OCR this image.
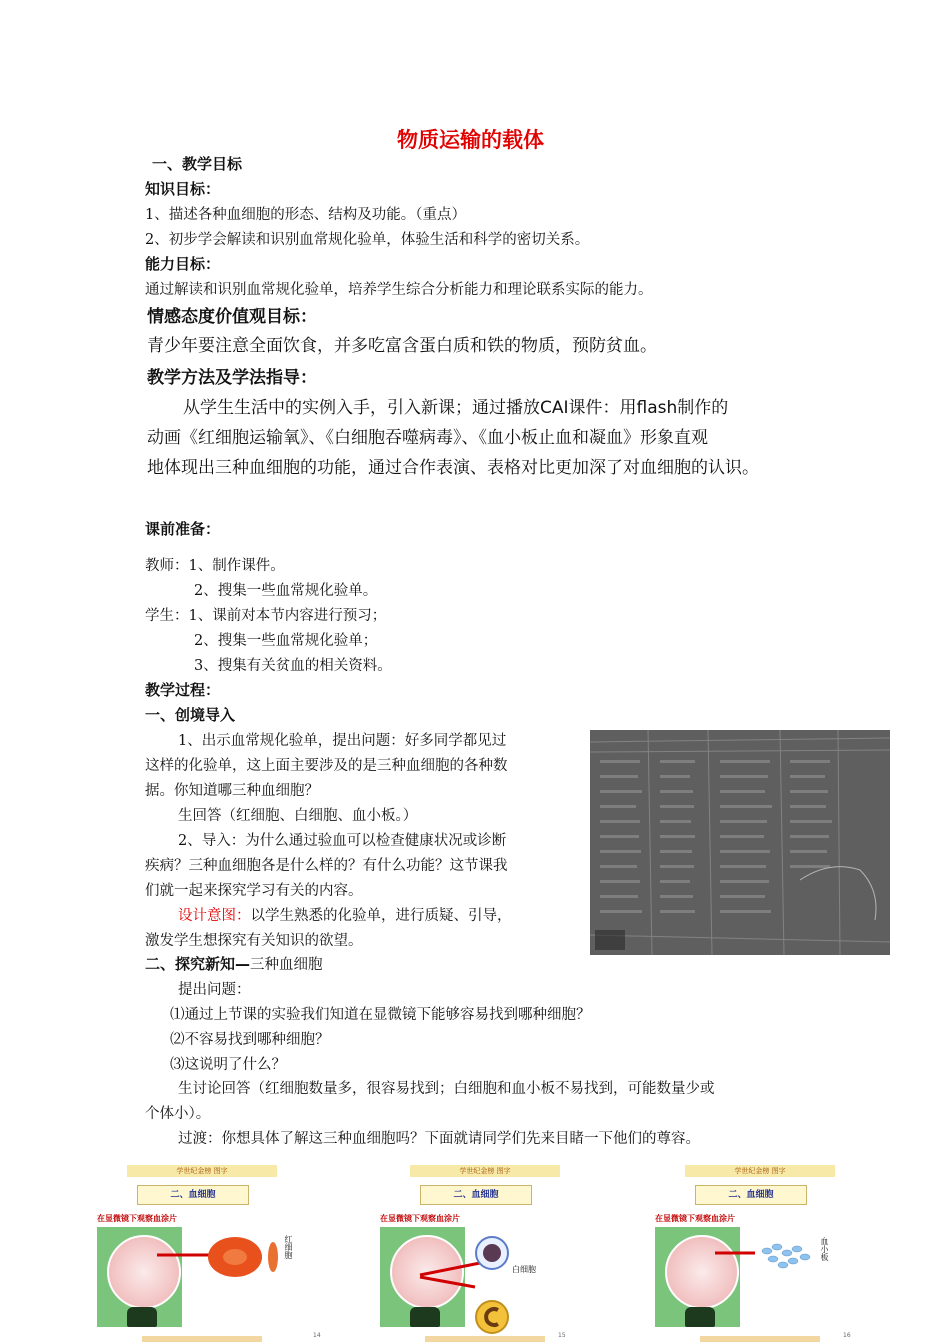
物质运输的载体
一、教学目标
知识目标：
1、描述各种血细胞的形态、结构及功能。（重点）
2、初步学会解读和识别血常规化验单，体验生活和科学的密切关系。
能力目标：
通过解读和识别血常规化验单，培养学生综合分析能力和理论联系实际的能力。
情感态度价值观目标：
青少年要注意全面饮食，并多吃富含蛋白质和铁的物质，预防贫血。
教学方法及学法指导：
从学生生活中的实例入手，引入新课；通过播放CAI课件：用flash制作的
动画《红细胞运输氧》、《白细胞吞噬病毒》、《血小板止血和凝血》形象直观
地体现出三种血细胞的功能，通过合作表演、表格对比更加深了对血细胞的认识。
课前准备：
教师：1、制作课件。
2、搜集一些血常规化验单。
学生：1、课前对本节内容进行预习；
2、搜集一些血常规化验单；
3、搜集有关贫血的相关资料。
教学过程：
一、创境导入
1、出示血常规化验单，提出问题：好多同学都见过
这样的化验单，这上面主要涉及的是三种血细胞的各种数
据。你知道哪三种血细胞？
生回答（红细胞、白细胞、血小板。）
2、导入：为什么通过验血可以检查健康状况或诊断
疾病？三种血细胞各是什么样的？有什么功能？这节课我
们就一起来探究学习有关的内容。
设计意图：以学生熟悉的化验单，进行质疑、引导，
激发学生想探究有关知识的欲望。
二、探究新知—三种血细胞
提出问题：
⑴通过上节课的实验我们知道在显微镜下能够容易找到哪种细胞？
⑵不容易找到哪种细胞？
⑶这说明了什么？
生讨论回答（红细胞数量多，很容易找到；白细胞和血小板不易找到，可能数量少或
个体小）。
过渡：你想具体了解这三种血细胞吗？下面就请同学们先来目睹一下他们的尊容。
学世纪金榜 图字
二、血细胞
在显微镜下观察血涂片
红细胞
14
学世纪金榜 图字
二、血细胞
在显微镜下观察血涂片
白细胞
15
学世纪金榜 图字
二、血细胞
在显微镜下观察血涂片
血小板
16
